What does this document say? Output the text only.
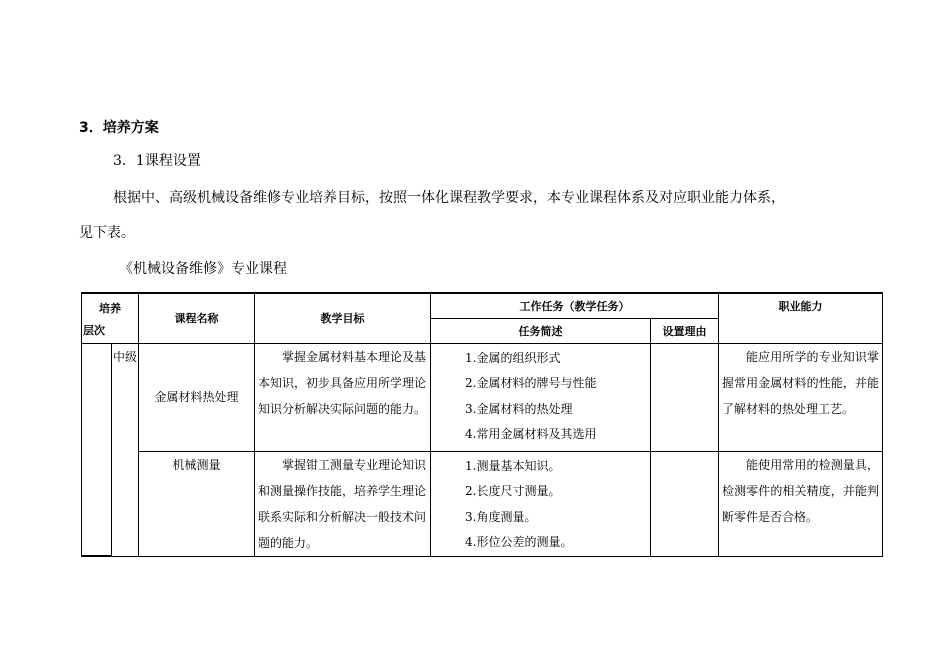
3．培养方案
3．1课程设置
根据中、高级机械设备维修专业培养目标，按照一体化课程教学要求，本专业课程体系及对应职业能力体系，
见下表。
《机械设备维修》专业课程
培养
层次		课程名称	教学目标	工作任务（教学任务）		职业能力
				任务简述	设置理由	
	中级	金属材料热处理	掌握金属材料基本理论及基本知识，初步具备应用所学理论知识分析解决实际问题的能力。	1.金属的组织形式
2.金属材料的牌号与性能
3.金属材料的热处理
4.常用金属材料及其选用		能应用所学的专业知识掌握常用金属材料的性能，并能了解材料的热处理工艺。
		机械测量	掌握钳工测量专业理论知识和测量操作技能，培养学生理论联系实际和分析解决一般技术问题的能力。	1.测量基本知识。
2.长度尺寸测量。
3.角度测量。
4.形位公差的测量。		能使用常用的检测量具，检测零件的相关精度，并能判断零件是否合格。
